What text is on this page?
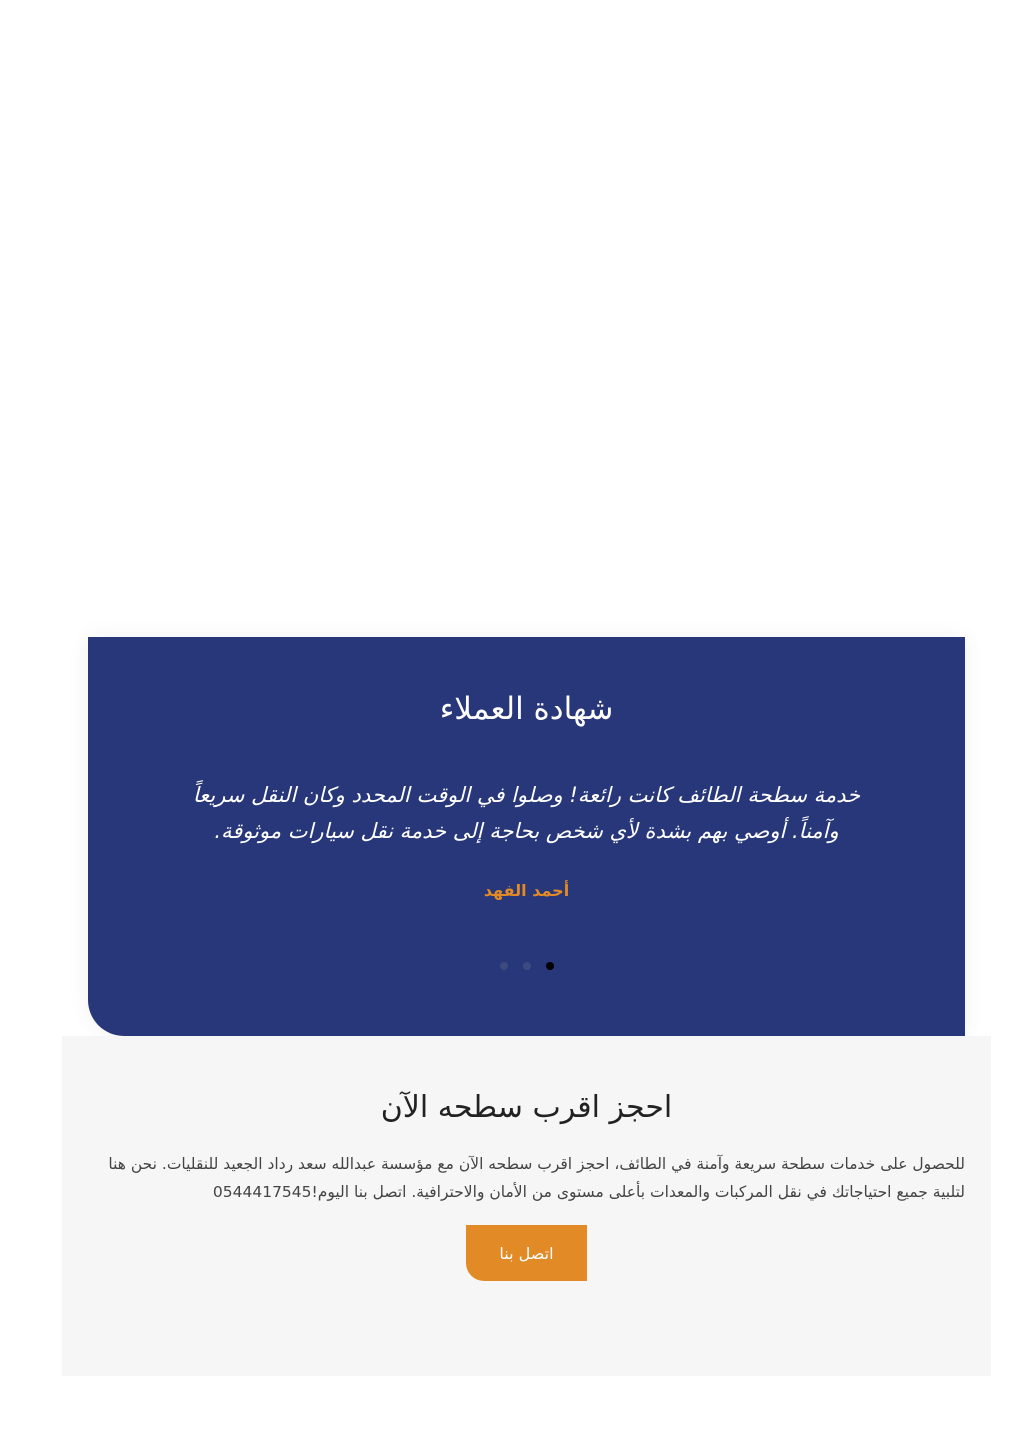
شهادة العملاء

خدمة سطحة الطائف كانت رائعة! وصلوا في الوقت المحدد وكان النقل سريعاً وآمناً. أوصي بهم بشدة لأي شخص بحاجة إلى خدمة نقل سيارات موثوقة.

أحمد الفهد

احجز اقرب سطحه الآن

للحصول على خدمات سطحة سريعة وآمنة في الطائف، احجز اقرب سطحه الآن مع مؤسسة عبدالله سعد رداد الجعيد للنقليات. نحن هنا لتلبية جميع احتياجاتك في نقل المركبات والمعدات بأعلى مستوى من الأمان والاحترافية. اتصل بنا اليوم!0544417545

اتصل بنا
